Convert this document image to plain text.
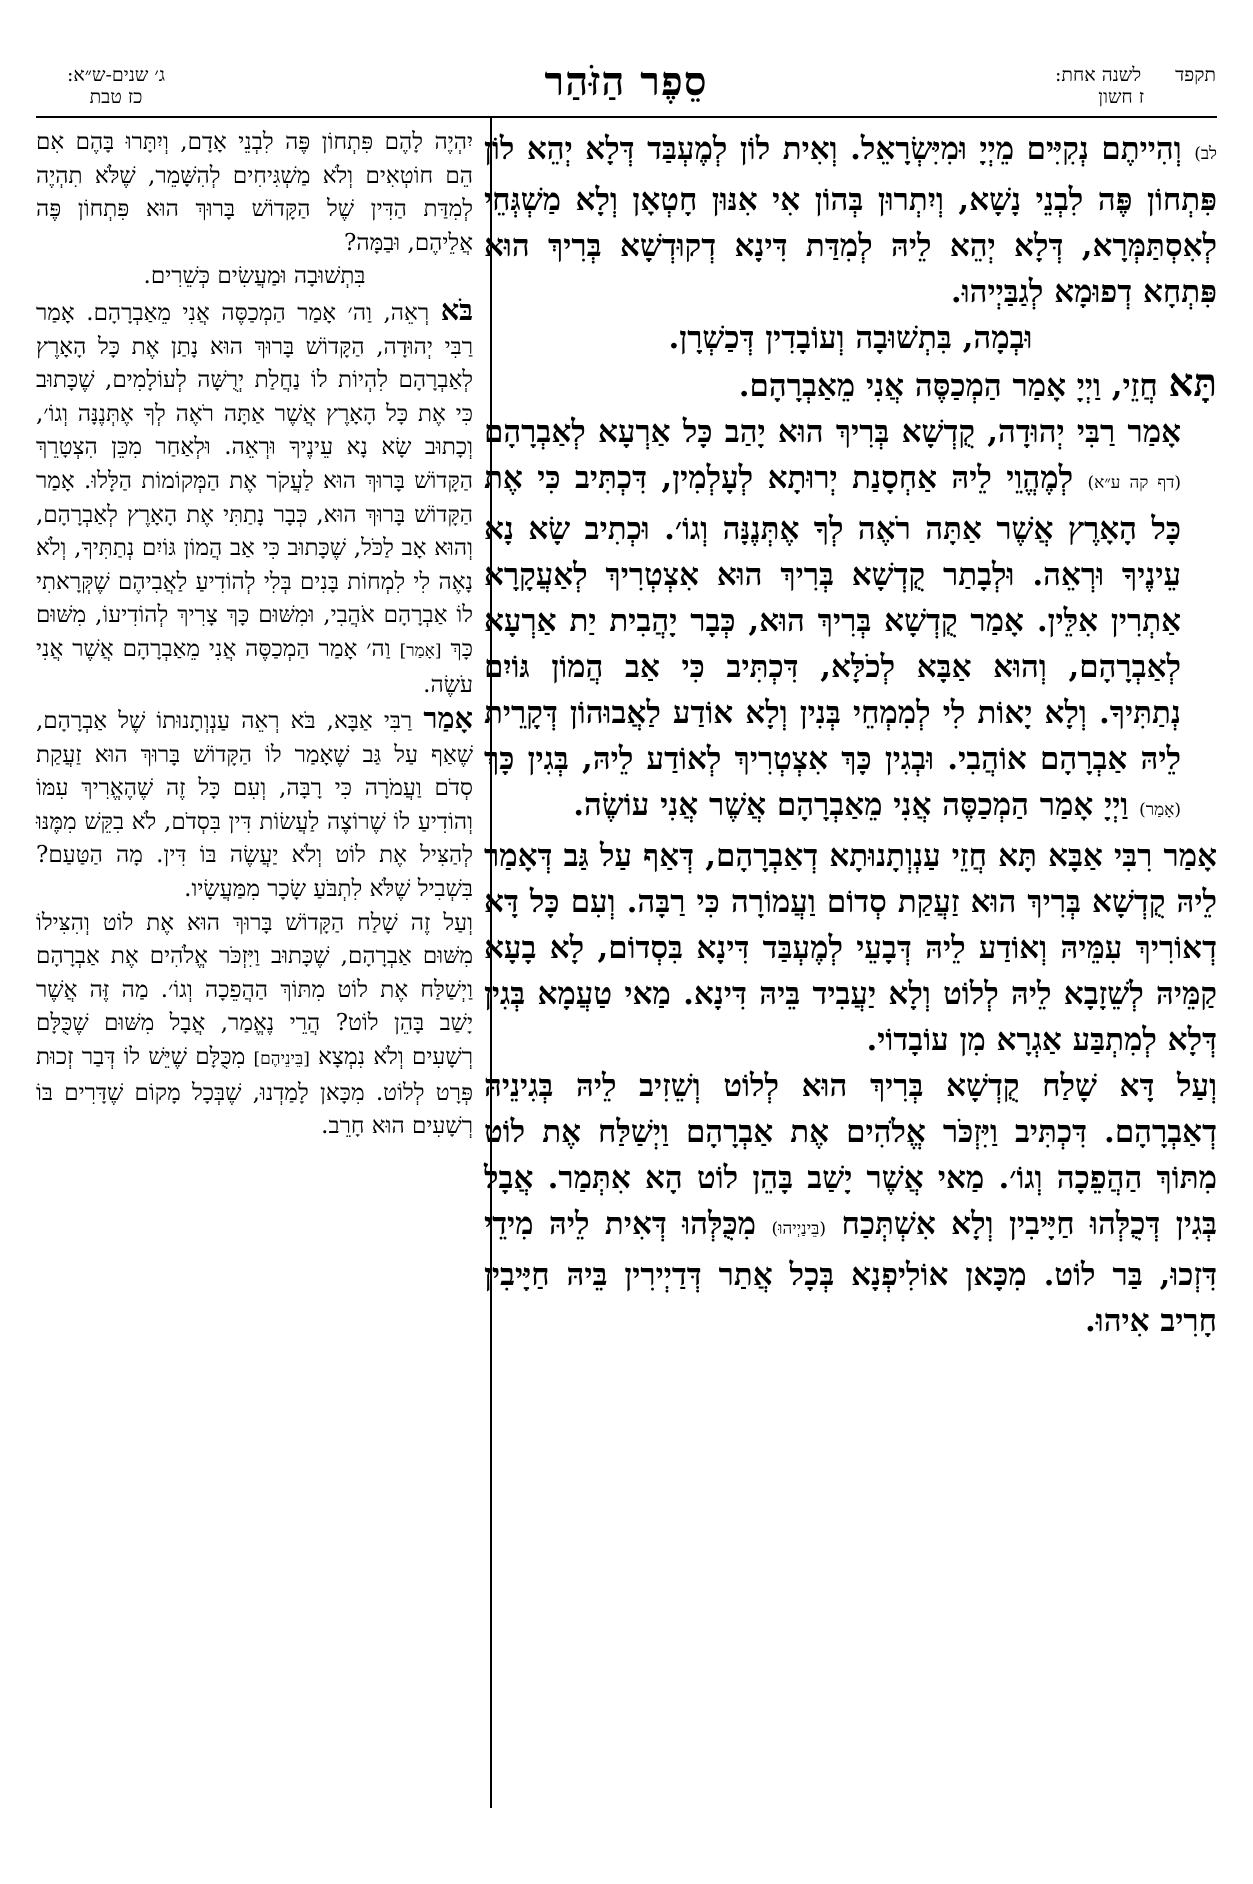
תקפד
לשנה אחת:
ז חשון
סֵפֶר הַזֹּהַר
ג׳ שנים-ש״א:
כז טבת

לב) וְהִייתֶם נְקִיִּים מֵיְיָ וּמִיִּשְׂרָאֵל. וְאִית לוֹן לְמֶעְבַּד דְּלָא יְהֵא לוֹן פִּתְחוֹן פֶּה לִבְנֵי נָשָׁא, וְיִתְרוּן בְּהוֹן אִי אִנּוּן חָטְאָן וְלָא מַשְׁגְּחֵי לְאִסְתַּמְּרָא, דְּלָא יְהֵא לֵיהּ לְמִדַּת דִּינָא דְקוּדְשָׁא בְּרִיךְ הוּא פִּתְחָא דְפוּמָא לְגַבַּיְיהוּ.

וּבְמָה, בִּתְשׁוּבָה וְעוֹבָדִין דְּכַשְׁרָן.

תָּא חֲזֵי, וַיְיָ אָמַר הַמְכַסֶּה אֲנִי מֵאַבְרָהָם.

אָמַר רַבִּי יְהוּדָה, קֻדְשָׁא בְּרִיךְ הוּא יָהַב כָּל אַרְעָא לְאַבְרָהָם (דף קה ע״א) לְמֶהֱוֵי לֵיהּ אַחְסָנַת יְרוּתָא לְעָלְמִין, דִּכְתִּיב כִּי אֶת כָּל הָאָרֶץ אֲשֶׁר אַתָּה רֹאֶה לְךָ אֶתְּנֶנָּה וְגוֹ׳. וּכְתִיב שָׂא נָא עֵינֶיךָ וּרְאֵה. וּלְבָתַר קֻדְשָׁא בְּרִיךְ הוּא אִצְטְרִיךְ לְאַעֲקָרָא אַתְרִין אִלֵּין. אָמַר קֻדְשָׁא בְּרִיךְ הוּא, כְּבָר יָהֲבִית יַת אַרְעָא לְאַבְרָהָם, וְהוּא אַבָּא לְכֹלָּא, דִּכְתִּיב כִּי אַב הֲמוֹן גּוֹיִם נְתַתִּיךָ. וְלָא יָאוֹת לִי לְמִמְחֵי בְּנִין וְלָא אוֹדַע לַאֲבוּהוֹן דְּקָרֵית לֵיהּ אַבְרָהָם אוֹהֲבִי. וּבְגִין כָּךְ אִצְטְרִיךְ לְאוֹדַע לֵיהּ, בְּגִין כָּךְ (אָמַר) וַיְיָ אָמַר הַמְכַסֶּה אֲנִי מֵאַבְרָהָם אֲשֶׁר אֲנִי עוֹשֶׂה.

אָמַר רִבִּי אַבָּא תָּא חֲזֵי עַנְוְתָנוּתָא דְאַבְרָהָם, דְּאַף עַל גַּב דְּאָמַר לֵיהּ קֻדְשָׁא בְּרִיךְ הוּא זַעֲקַת סְדוֹם וַעֲמוֹרָה כִּי רַבָּה. וְעִם כָּל דָּא דְאוֹרִיךְ עִמֵּיהּ וְאוֹדַע לֵיהּ דְּבָעֵי לְמֶעְבַּד דִּינָא בִּסְדוֹם, לָא בָעָא קַמֵּיהּ לְשֵׁזָבָא לֵיהּ לְלוֹט וְלָא יַעֲבִיד בֵּיהּ דִּינָא. מַאי טַעֲמָא בְּגִין דְּלָא לְמִתְבַּע אַגְרָא מִן עוֹבָדוֹי.

וְעַל דָּא שָׁלַח קֻדְשָׁא בְּרִיךְ הוּא לְלוֹט וְשֵׁזִיב לֵיהּ בְּגִינֵיהּ דְאַבְרָהָם. דִּכְתִּיב וַיִּזְכֹּר אֱלֹהִים אֶת אַבְרָהָם וַיְשַׁלַּח אֶת לוֹט מִתּוֹךְ הַהֲפֵכָה וְגוֹ׳. מַאי אֲשֶׁר יָשַׁב בָּהֵן לוֹט הָא אִתְּמַר. אֲבָל בְּגִין דְּכֻלְּהוּ חַיָּיבִין וְלָא אִשְׁתְּכַח (בֵּינַיְיהוּ) מִכֻּלְּהוּ דְּאִית לֵיהּ מִידֵי דִּזְכוּ, בַּר לוֹט. מִכָּאן אוֹלִיפְנָא בְּכָל אֲתַר דְּדַיְירִין בֵּיהּ חַיָּיבִין חָרִיב אִיהוּ.

יִהְיֶה לָהֶם פִּתְחוֹן פֶּה לִבְנֵי אָדָם, וְיִתָּרוּ בָּהֶם אִם הֵם חוֹטְאִים וְלֹא מַשְׁגִּיחִים לְהִשָּׁמֵר, שֶׁלֹּא תִהְיֶה לְמִדַּת הַדִּין שֶׁל הַקָּדוֹשׁ בָּרוּךְ הוּא פִּתְחוֹן פֶּה אֲלֵיהֶם, וּבַמָּה?

בִּתְשׁוּבָה וּמַעֲשִׂים כְּשֵׁרִים.

בֹּא רְאֵה, וַה׳ אָמַר הַמְכַסֶּה אֲנִי מֵאַבְרָהָם. אָמַר רַבִּי יְהוּדָה, הַקָּדוֹשׁ בָּרוּךְ הוּא נָתַן אֶת כָּל הָאָרֶץ לְאַבְרָהָם לִהְיוֹת לוֹ נַחֲלַת יְרֻשָּׁה לְעוֹלָמִים, שֶׁכָּתוּב כִּי אֶת כָּל הָאָרֶץ אֲשֶׁר אַתָּה רֹאֶה לְךָ אֶתְּנֶנָּה וְגוֹ׳, וְכָתוּב שָׂא נָא עֵינֶיךָ וּרְאֵה. וּלְאַחַר מִכֵּן הִצְטָרֵךְ הַקָּדוֹשׁ בָּרוּךְ הוּא לַעֲקֹר אֶת הַמְּקוֹמוֹת הַלָּלוּ. אָמַר הַקָּדוֹשׁ בָּרוּךְ הוּא, כְּבָר נָתַתִּי אֶת הָאָרֶץ לְאַבְרָהָם, וְהוּא אָב לַכֹּל, שֶׁכָּתוּב כִּי אַב הֲמוֹן גּוֹיִם נְתַתִּיךָ, וְלֹא נָאֶה לִי לִמְחוֹת בָּנִים בְּלִי לְהוֹדִיעַ לַאֲבִיהֶם שֶׁקְּרָאתִי לוֹ אַבְרָהָם אֹהֲבִי, וּמִשּׁוּם כָּךְ צָרִיךְ לְהוֹדִיעוֹ, מִשּׁוּם כָּךְ [אָמַר] וַה׳ אָמַר הַמְכַסֶּה אֲנִי מֵאַבְרָהָם אֲשֶׁר אֲנִי עֹשֶׂה.

אָמַר רַבִּי אַבָּא, בֹּא רְאֵה עַנְוְתָנוּתוֹ שֶׁל אַבְרָהָם, שֶׁאַף עַל גַּב שֶׁאָמַר לוֹ הַקָּדוֹשׁ בָּרוּךְ הוּא זַעֲקַת סְדֹם וַעֲמֹרָה כִּי רָבָּה, וְעִם כָּל זֶה שֶׁהֶאֱרִיךְ עִמּוֹ וְהוֹדִיעַ לוֹ שֶׁרוֹצֶה לַעֲשׂוֹת דִּין בִּסְדֹם, לֹא בִקֵּשׁ מִמֶּנּוּ לְהַצִּיל אֶת לוֹט וְלֹא יַעֲשֶׂה בּוֹ דִּין. מָה הַטַּעַם? בִּשְׁבִיל שֶׁלֹּא לִתְבֹּעַ שָׂכָר מִמַּעֲשָׂיו.

וְעַל זֶה שָׁלַח הַקָּדוֹשׁ בָּרוּךְ הוּא אֶת לוֹט וְהִצִּילוֹ מִשּׁוּם אַבְרָהָם, שֶׁכָּתוּב וַיִּזְכֹּר אֱלֹהִים אֶת אַבְרָהָם וַיְשַׁלַּח אֶת לוֹט מִתּוֹךְ הַהֲפֵכָה וְגוֹ׳. מַה זֶּה אֲשֶׁר יָשַׁב בָּהֵן לוֹט? הֲרֵי נֶאֱמַר, אֲבָל מִשּׁוּם שֶׁכֻּלָּם רְשָׁעִים וְלֹא נִמְצָא [בֵּינֵיהֶם] מִכֻּלָּם שֶׁיֵּשׁ לוֹ דְּבַר זְכוּת פְּרָט לְלוֹט. מִכָּאן לָמַדְנוּ, שֶׁבְּכָל מָקוֹם שֶׁדָּרִים בּוֹ רְשָׁעִים הוּא חָרֵב.
